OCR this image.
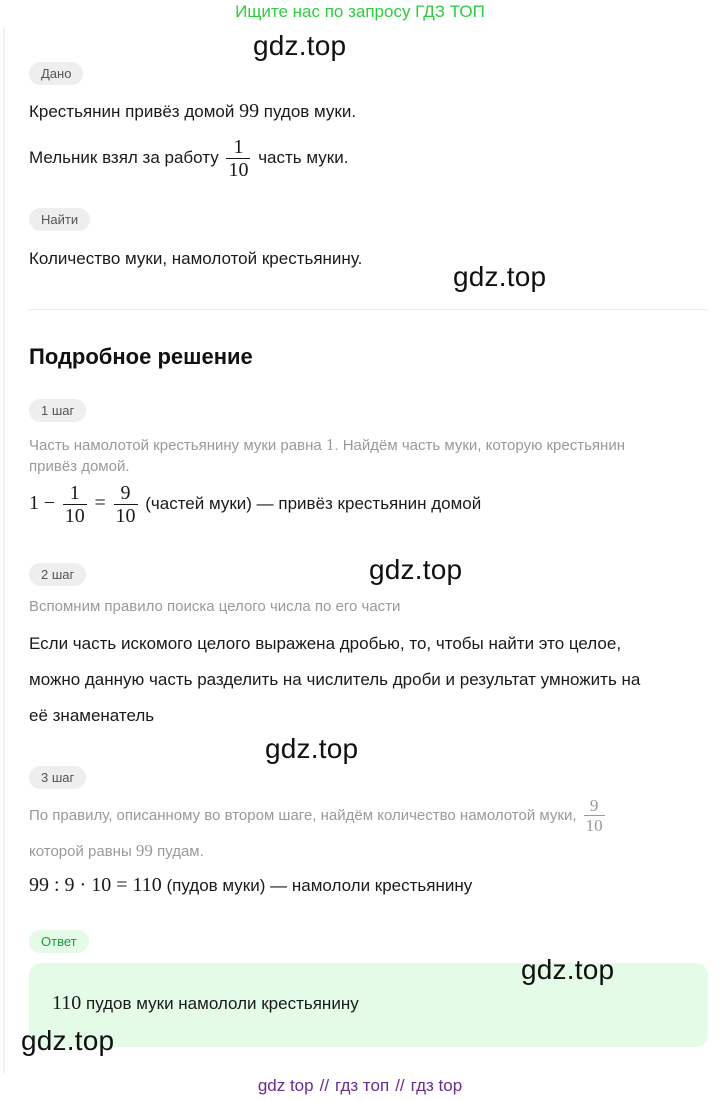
Ищите нас по запросу ГДЗ ТОП
Дано
Крестьянин привёз домой 99 пудов муки.
Мельник взял за работу $\frac{1}{10}$ часть муки.
Найти
Количество муки, намолотой крестьянину.
Подробное решение
1 шаг
Часть намолотой крестьянину муки равна 1. Найдём часть муки, которую крестьянин
привёз домой.
$1 - \frac{1}{10} = \frac{9}{10}$ (частей муки) — привёз крестьянин домой
2 шаг
Вспомним правило поиска целого числа по его части
Если часть искомого целого выражена дробью, то, чтобы найти это целое,
можно данную часть разделить на числитель дроби и результат умножить на
её знаменатель
3 шаг
По правилу, описанному во втором шаге, найдём количество намолотой муки, $\frac{9}{10}$
которой равны 99 пудам.
99 : 9 · 10 = 110 (пудов муки) — намололи крестьянину
Ответ
110 пудов муки намололи крестьянину
gdz.top
gdz.top
gdz.top
gdz.top
gdz.top
gdz.top
gdz top // гдз топ // гдз top
